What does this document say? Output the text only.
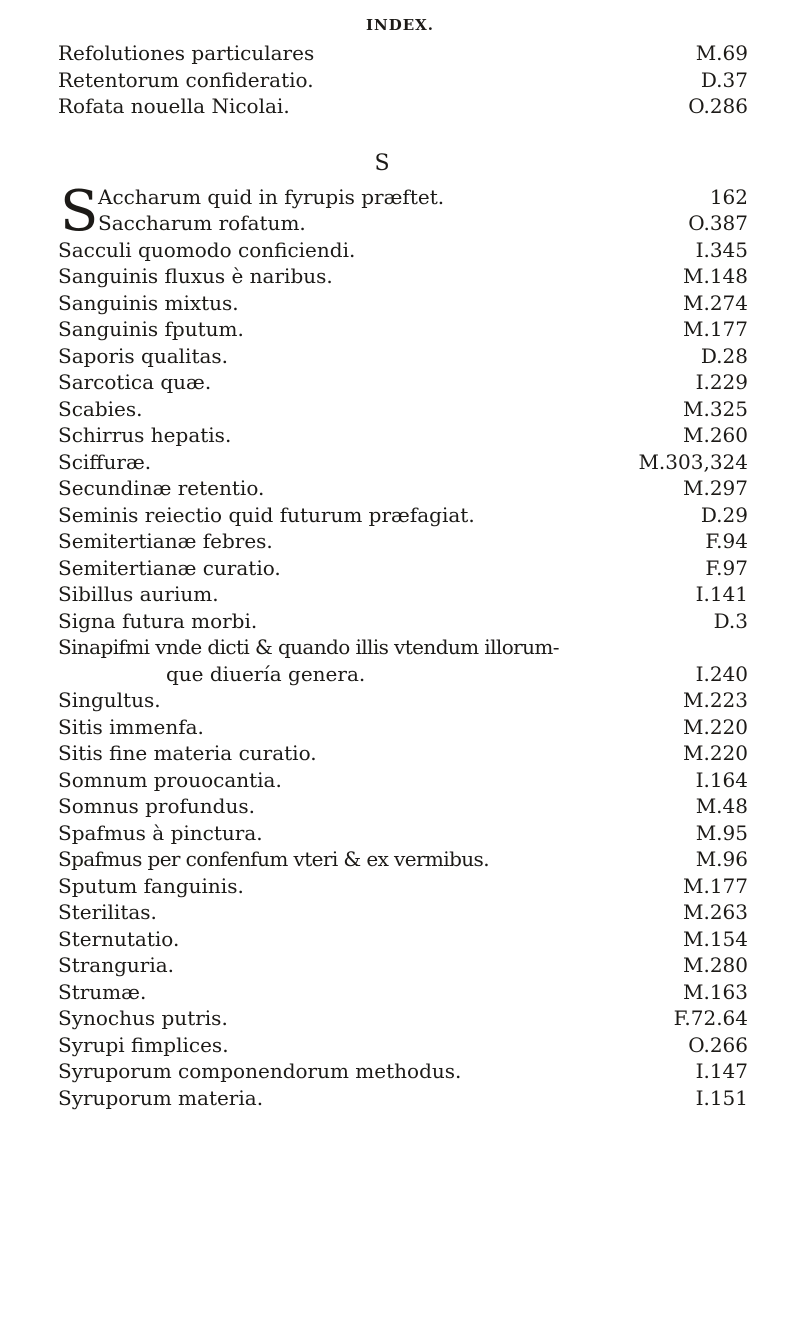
INDEX.
Refolutiones particulares	M.69
Retentorum confideratio.	D.37
Rofata nouella Nicolai.	O.286
S
S Accharum quid in fyrupis præftet.	162
Saccharum rofatum.	O.387
Sacculi quomodo conficiendi.	I.345
Sanguinis fluxus è naribus.	M.148
Sanguinis mixtus.	M.274
Sanguinis fputum.	M.177
Saporis qualitas.	D.28
Sarcotica quæ.	I.229
Scabies.	M.325
Schirrus hepatis.	M.260
Sciffuræ.	M.303,324
Secundinæ retentio.	M.297
Seminis reiectio quid futurum præfagiat.	D.29
Semitertianæ febres.	F.94
Semitertianæ curatio.	F.97
Sibillus aurium.	I.141
Signa futura morbi.	D.3
Sinapifmi vnde dicti & quando illis vtendum illorum-
que diuería genera.	I.240
Singultus.	M.223
Sitis immenfa.	M.220
Sitis fine materia curatio.	M.220
Somnum prouocantia.	I.164
Somnus profundus.	M.48
Spafmus à pinctura.	M.95
Spafmus per confenfum vteri & ex vermibus.	M.96
Sputum fanguinis.	M.177
Sterilitas.	M.263
Sternutatio.	M.154
Stranguria.	M.280
Strumæ.	M.163
Synochus putris.	F.72.64
Syrupi fimplices.	O.266
Syruporum componendorum methodus.	I.147
Syruporum materia.	I.151
